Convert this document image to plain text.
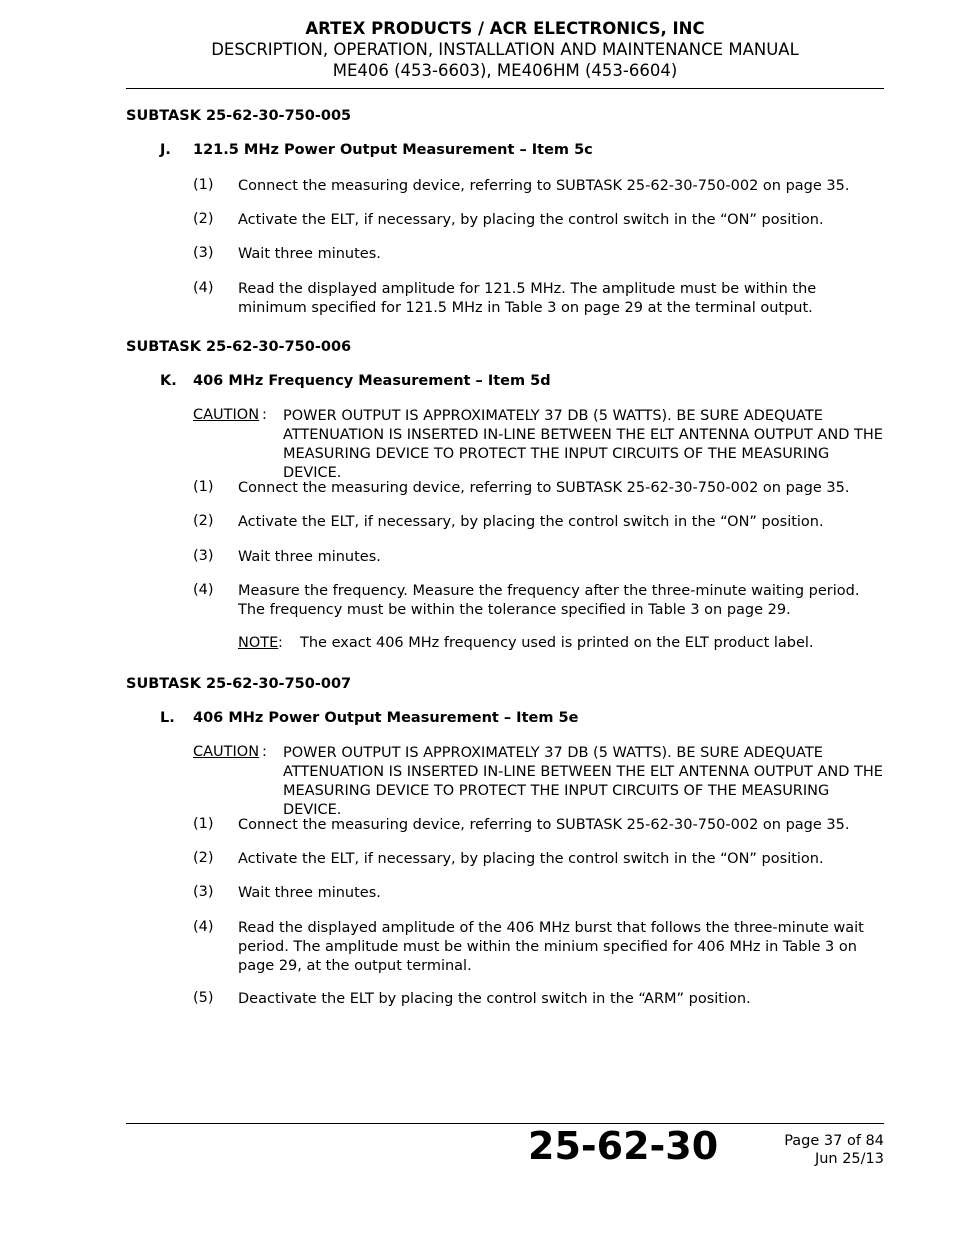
ARTEX PRODUCTS / ACR ELECTRONICS, INC
DESCRIPTION, OPERATION, INSTALLATION AND MAINTENANCE MANUAL
ME406 (453-6603), ME406HM (453-6604)
SUBTASK 25-62-30-750-005
J. 121.5 MHz Power Output Measurement – Item 5c
(1) Connect the measuring device, referring to SUBTASK 25-62-30-750-002 on page 35.
(2) Activate the ELT, if necessary, by placing the control switch in the “ON” position.
(3) Wait three minutes.
(4) Read the displayed amplitude for 121.5 MHz. The amplitude must be within the minimum specified for 121.5 MHz in Table 3 on page 29 at the terminal output.
SUBTASK 25-62-30-750-006
K. 406 MHz Frequency Measurement – Item 5d
CAUTION : POWER OUTPUT IS APPROXIMATELY 37 DB (5 WATTS). BE SURE ADEQUATE ATTENUATION IS INSERTED IN-LINE BETWEEN THE ELT ANTENNA OUTPUT AND THE MEASURING DEVICE TO PROTECT THE INPUT CIRCUITS OF THE MEASURING DEVICE.
(1) Connect the measuring device, referring to SUBTASK 25-62-30-750-002 on page 35.
(2) Activate the ELT, if necessary, by placing the control switch in the “ON” position.
(3) Wait three minutes.
(4) Measure the frequency. Measure the frequency after the three-minute waiting period. The frequency must be within the tolerance specified in Table 3 on page 29.
NOTE : The exact 406 MHz frequency used is printed on the ELT product label.
SUBTASK 25-62-30-750-007
L. 406 MHz Power Output Measurement – Item 5e
CAUTION : POWER OUTPUT IS APPROXIMATELY 37 DB (5 WATTS). BE SURE ADEQUATE ATTENUATION IS INSERTED IN-LINE BETWEEN THE ELT ANTENNA OUTPUT AND THE MEASURING DEVICE TO PROTECT THE INPUT CIRCUITS OF THE MEASURING DEVICE.
(1) Connect the measuring device, referring to SUBTASK 25-62-30-750-002 on page 35.
(2) Activate the ELT, if necessary, by placing the control switch in the “ON” position.
(3) Wait three minutes.
(4) Read the displayed amplitude of the 406 MHz burst that follows the three-minute wait period. The amplitude must be within the minium specified for 406 MHz in Table 3 on page 29, at the output terminal.
(5) Deactivate the ELT by placing the control switch in the “ARM” position.
25-62-30	Page 37 of 84
Jun 25/13
